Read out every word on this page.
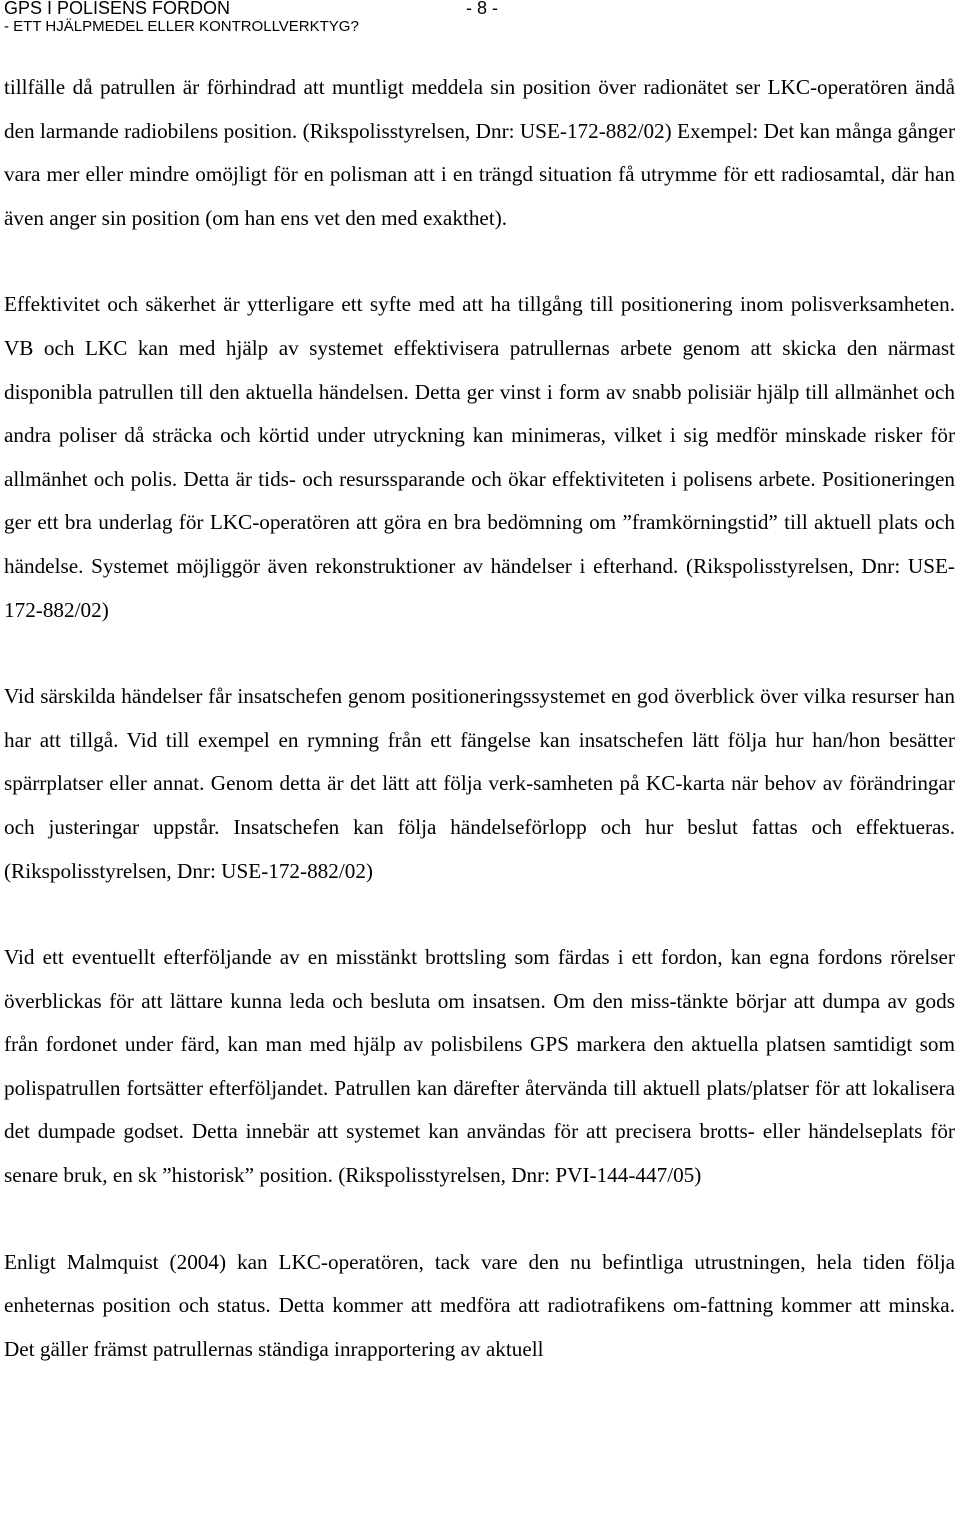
GPS I POLISENS FORDON	- 8 -
- ETT HJÄLPMEDEL ELLER KONTROLLVERKTYG?

tillfälle då patrullen är förhindrad att muntligt meddela sin position över radionätet ser LKC-operatören ändå den larmande radiobilens position. (Rikspolisstyrelsen, Dnr: USE-172-882/02) Exempel: Det kan många gånger vara mer eller mindre omöjligt för en polisman att i en trängd situation få utrymme för ett radiosamtal, där han även anger sin position (om han ens vet den med exakthet).

Effektivitet och säkerhet är ytterligare ett syfte med att ha tillgång till positionering inom polisverksamheten. VB och LKC kan med hjälp av systemet effektivisera patrullernas arbete genom att skicka den närmast disponibla patrullen till den aktuella händelsen. Detta ger vinst i form av snabb polisiär hjälp till allmänhet och andra poliser då sträcka och körtid under utryckning kan minimeras, vilket i sig medför minskade risker för allmänhet och polis. Detta är tids- och resurssparande och ökar effektiviteten i polisens arbete. Positioneringen ger ett bra underlag för LKC-operatören att göra en bra bedömning om ”framkörningstid” till aktuell plats och händelse. Systemet möjliggör även rekonstruktioner av händelser i efterhand. (Rikspolisstyrelsen, Dnr: USE-172-882/02)

Vid särskilda händelser får insatschefen genom positioneringssystemet en god överblick över vilka resurser han har att tillgå. Vid till exempel en rymning från ett fängelse kan insatschefen lätt följa hur han/hon besätter spärrplatser eller annat. Genom detta är det lätt att följa verk-samheten på KC-karta när behov av förändringar och justeringar uppstår. Insatschefen kan följa händelseförlopp och hur beslut fattas och effektueras. (Rikspolisstyrelsen, Dnr: USE-172-882/02)

Vid ett eventuellt efterföljande av en misstänkt brottsling som färdas i ett fordon, kan egna fordons rörelser överblickas för att lättare kunna leda och besluta om insatsen. Om den miss-tänkte börjar att dumpa av gods från fordonet under färd, kan man med hjälp av polisbilens GPS markera den aktuella platsen samtidigt som polispatrullen fortsätter efterföljandet. Patrullen kan därefter återvända till aktuell plats/platser för att lokalisera det dumpade godset. Detta innebär att systemet kan användas för att precisera brotts- eller händelseplats för senare bruk, en sk ”historisk” position. (Rikspolisstyrelsen, Dnr: PVI-144-447/05)

Enligt Malmquist (2004) kan LKC-operatören, tack vare den nu befintliga utrustningen, hela tiden följa enheternas position och status. Detta kommer att medföra att radiotrafikens om-fattning kommer att minska. Det gäller främst patrullernas ständiga inrapportering av aktuell
